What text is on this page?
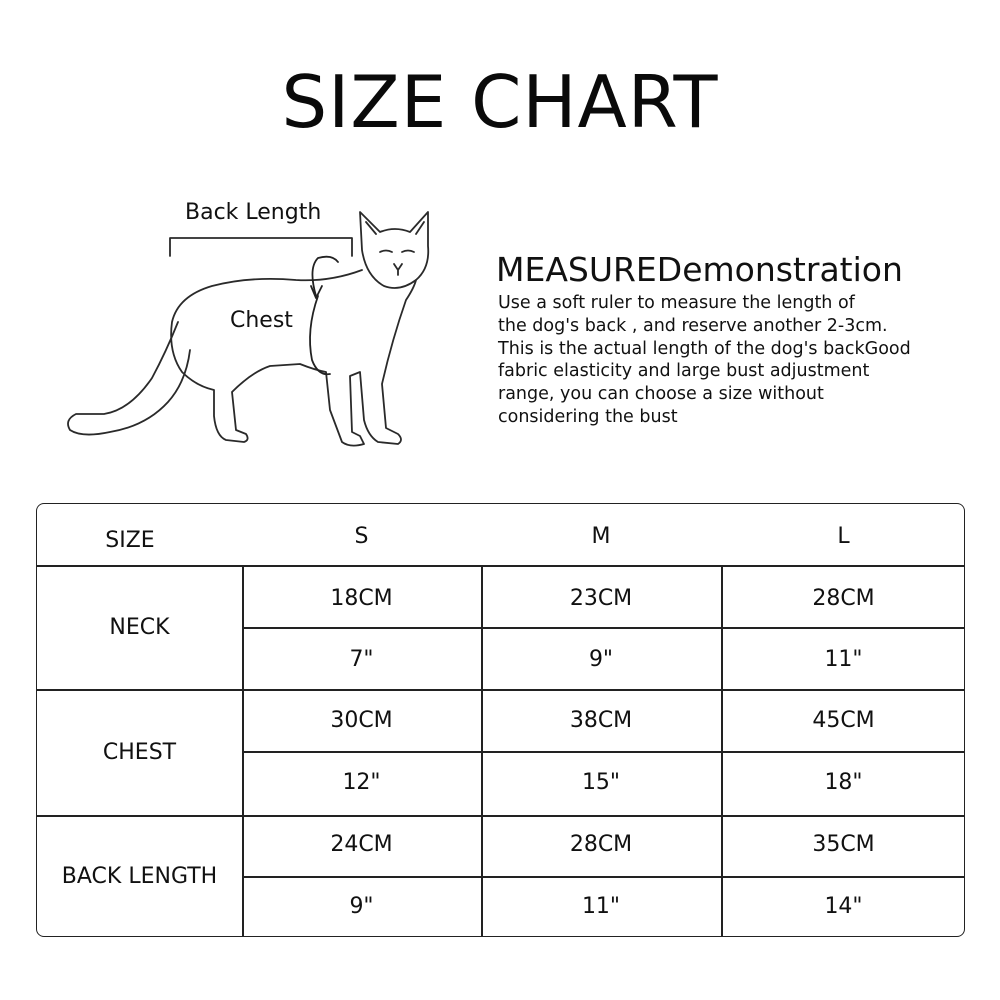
SIZE CHART
Back Length
Chest
MEASUREDemonstration
Use a soft ruler to measure the length of
the dog's back , and reserve another 2-3cm.
This is the actual length of the dog's backGood
fabric elasticity and large bust adjustment
range, you can choose a size without
considering the bust
SIZE	S	M	L
NECK
18CM	23CM	28CM
7"	9"	11"
CHEST
30CM	38CM	45CM
12"	15"	18"
BACK LENGTH
24CM	28CM	35CM
9"	11"	14"
